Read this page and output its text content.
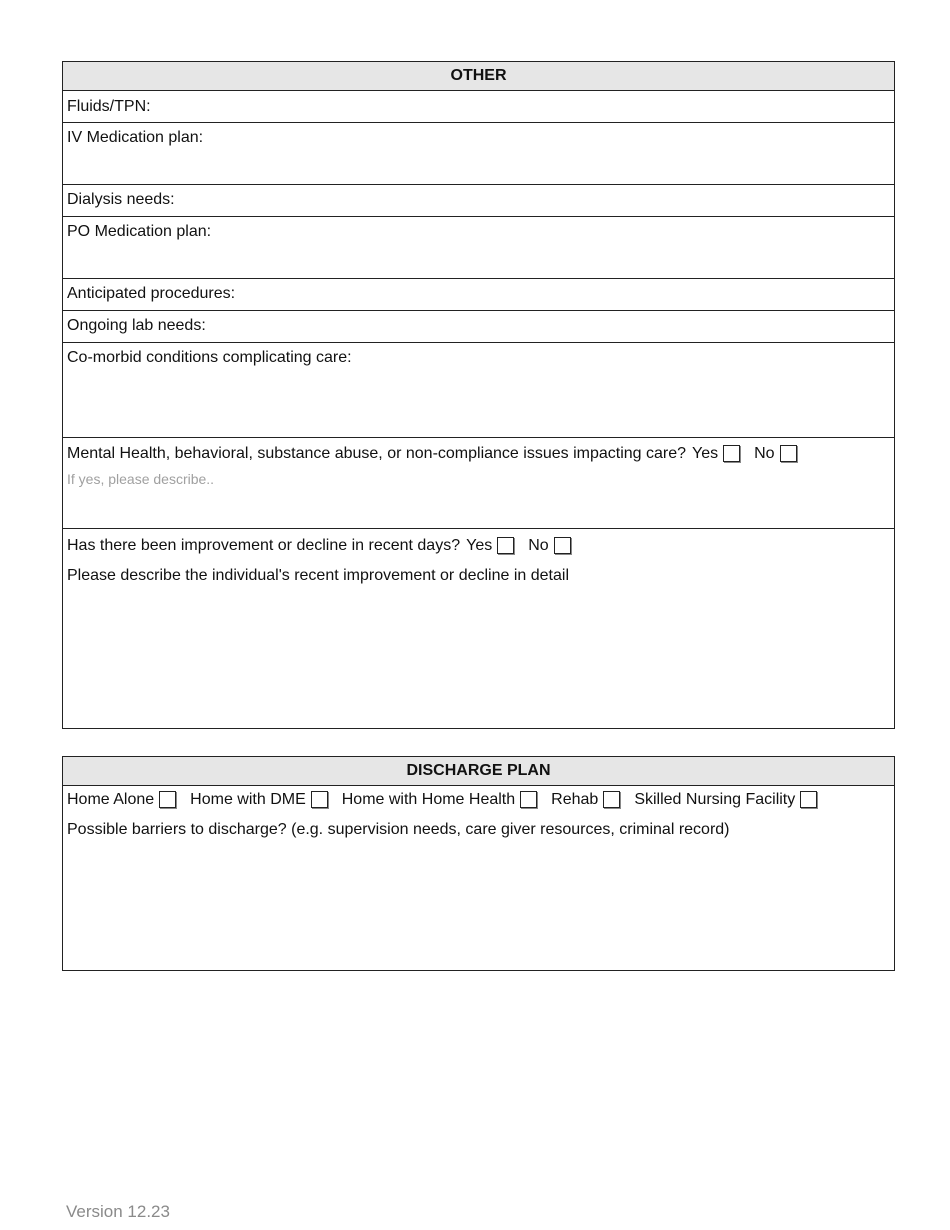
OTHER
Fluids/TPN:
IV Medication plan:
Dialysis needs:
PO Medication plan:
Anticipated procedures:
Ongoing lab needs:
Co-morbid conditions complicating care:
Mental Health, behavioral, substance abuse, or non-compliance issues impacting care? Yes No
If yes, please describe..
Has there been improvement or decline in recent days? Yes No
Please describe the individual's recent improvement or decline in detail
DISCHARGE PLAN
Home Alone Home with DME Home with Home Health Rehab Skilled Nursing Facility
Possible barriers to discharge? (e.g. supervision needs, care giver resources, criminal record)
Version 12.23
